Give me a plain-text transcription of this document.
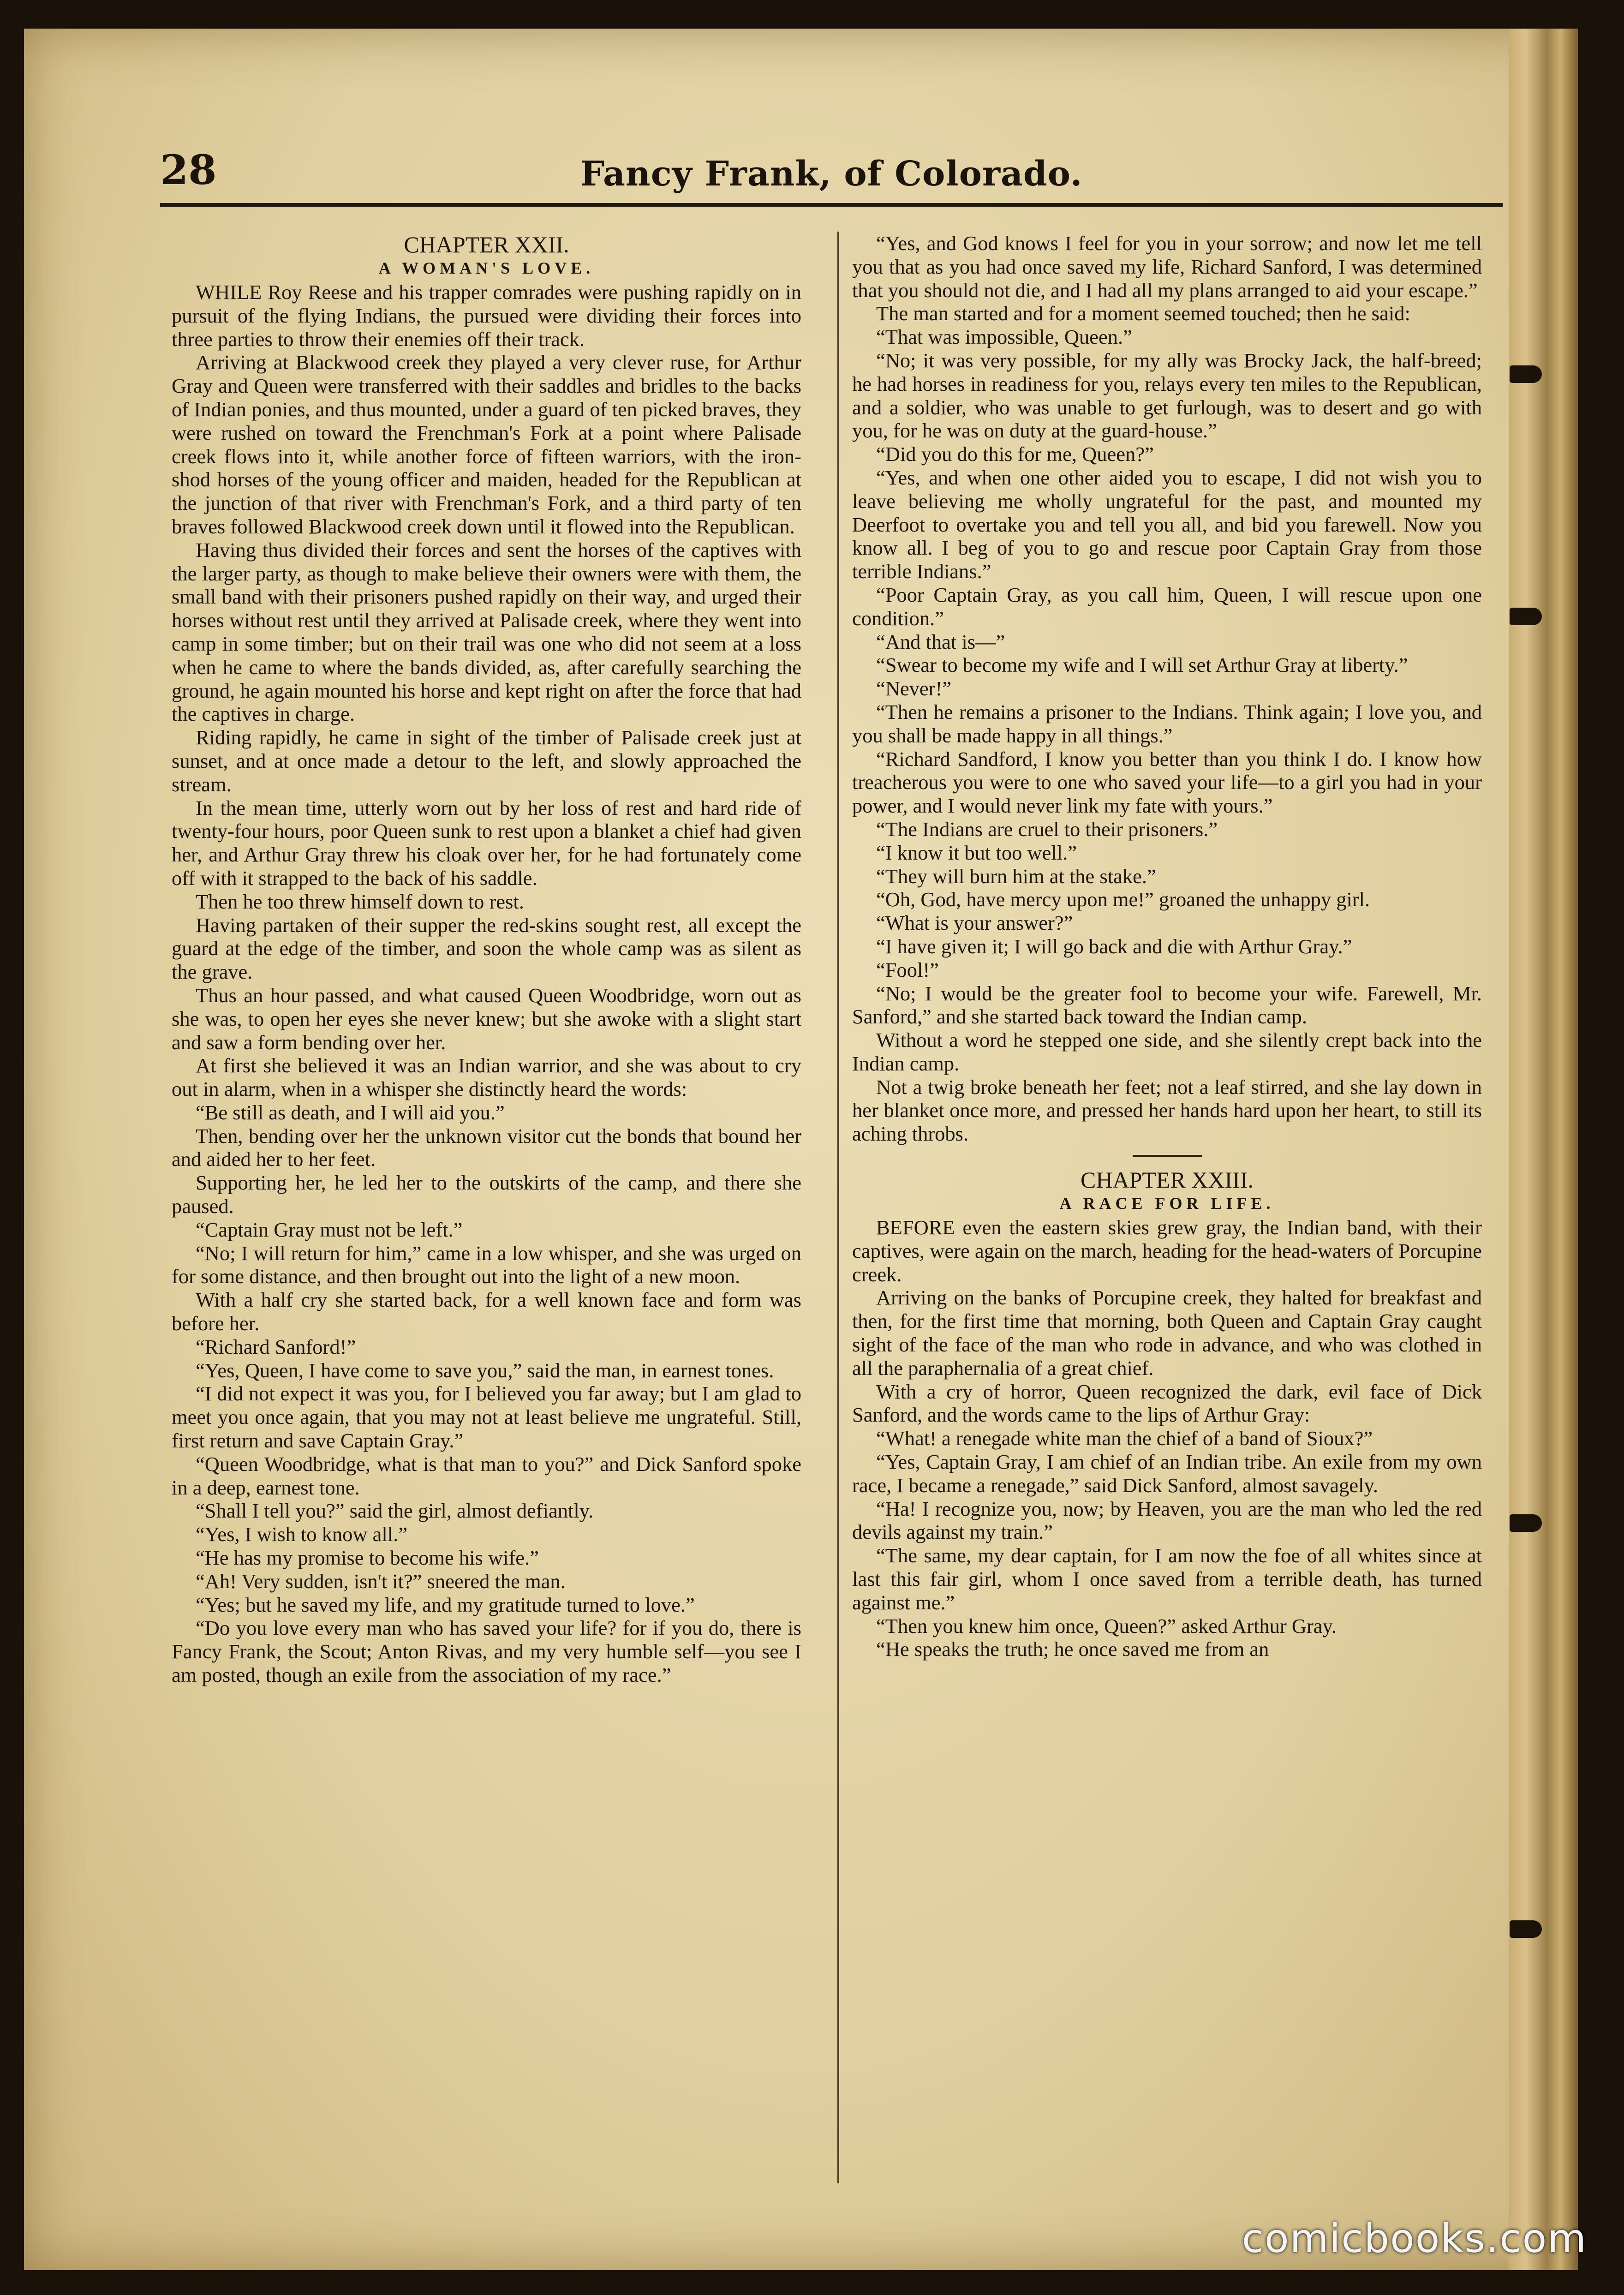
28	Fancy Frank, of Colorado.
CHAPTER XXII.
A WOMAN'S LOVE.

WHILE Roy Reese and his trapper comrades were pushing rapidly on in pursuit of the flying Indians, the pursued were dividing their forces into three parties to throw their enemies off their track.

Arriving at Blackwood creek they played a very clever ruse, for Arthur Gray and Queen were transferred with their saddles and bridles to the backs of Indian ponies, and thus mounted, under a guard of ten picked braves, they were rushed on toward the Frenchman's Fork at a point where Palisade creek flows into it, while another force of fifteen warriors, with the iron-shod horses of the young officer and maiden, headed for the Republican at the junction of that river with Frenchman's Fork, and a third party of ten braves followed Blackwood creek down until it flowed into the Republican.

Having thus divided their forces and sent the horses of the captives with the larger party, as though to make believe their owners were with them, the small band with their prisoners pushed rapidly on their way, and urged their horses without rest until they arrived at Palisade creek, where they went into camp in some timber; but on their trail was one who did not seem at a loss when he came to where the bands divided, as, after carefully searching the ground, he again mounted his horse and kept right on after the force that had the captives in charge.

Riding rapidly, he came in sight of the timber of Palisade creek just at sunset, and at once made a detour to the left, and slowly approached the stream.

In the mean time, utterly worn out by her loss of rest and hard ride of twenty-four hours, poor Queen sunk to rest upon a blanket a chief had given her, and Arthur Gray threw his cloak over her, for he had fortunately come off with it strapped to the back of his saddle.

Then he too threw himself down to rest.

Having partaken of their supper the red-skins sought rest, all except the guard at the edge of the timber, and soon the whole camp was as silent as the grave.

Thus an hour passed, and what caused Queen Woodbridge, worn out as she was, to open her eyes she never knew; but she awoke with a slight start and saw a form bending over her.

At first she believed it was an Indian warrior, and she was about to cry out in alarm, when in a whisper she distinctly heard the words:

“Be still as death, and I will aid you.”

Then, bending over her the unknown visitor cut the bonds that bound her and aided her to her feet.

Supporting her, he led her to the outskirts of the camp, and there she paused.

“Captain Gray must not be left.”

“No; I will return for him,” came in a low whisper, and she was urged on for some distance, and then brought out into the light of a new moon.

With a half cry she started back, for a well known face and form was before her.

“Richard Sanford!”

“Yes, Queen, I have come to save you,” said the man, in earnest tones.

“I did not expect it was you, for I believed you far away; but I am glad to meet you once again, that you may not at least believe me ungrateful. Still, first return and save Captain Gray.”

“Queen Woodbridge, what is that man to you?” and Dick Sanford spoke in a deep, earnest tone.

“Shall I tell you?” said the girl, almost defiantly.

“Yes, I wish to know all.”

“He has my promise to become his wife.”

“Ah! Very sudden, isn't it?” sneered the man.

“Yes; but he saved my life, and my gratitude turned to love.”

“Do you love every man who has saved your life? for if you do, there is Fancy Frank, the Scout; Anton Rivas, and my very humble self—you see I am posted, though an exile from the association of my race.”

“Yes, and God knows I feel for you in your sorrow; and now let me tell you that as you had once saved my life, Richard Sanford, I was determined that you should not die, and I had all my plans arranged to aid your escape.”

The man started and for a moment seemed touched; then he said:

“That was impossible, Queen.”

“No; it was very possible, for my ally was Brocky Jack, the half-breed; he had horses in readiness for you, relays every ten miles to the Republican, and a soldier, who was unable to get furlough, was to desert and go with you, for he was on duty at the guard-house.”

“Did you do this for me, Queen?”

“Yes, and when one other aided you to escape, I did not wish you to leave believing me wholly ungrateful for the past, and mounted my Deerfoot to overtake you and tell you all, and bid you farewell. Now you know all. I beg of you to go and rescue poor Captain Gray from those terrible Indians.”

“Poor Captain Gray, as you call him, Queen, I will rescue upon one condition.”

“And that is—”

“Swear to become my wife and I will set Arthur Gray at liberty.”

“Never!”

“Then he remains a prisoner to the Indians. Think again; I love you, and you shall be made happy in all things.”

“Richard Sandford, I know you better than you think I do. I know how treacherous you were to one who saved your life—to a girl you had in your power, and I would never link my fate with yours.”

“The Indians are cruel to their prisoners.”

“I know it but too well.”

“They will burn him at the stake.”

“Oh, God, have mercy upon me!” groaned the unhappy girl.

“What is your answer?”

“I have given it; I will go back and die with Arthur Gray.”

“Fool!”

“No; I would be the greater fool to become your wife. Farewell, Mr. Sanford,” and she started back toward the Indian camp.

Without a word he stepped one side, and she silently crept back into the Indian camp.

Not a twig broke beneath her feet; not a leaf stirred, and she lay down in her blanket once more, and pressed her hands hard upon her heart, to still its aching throbs.

CHAPTER XXIII.
A RACE FOR LIFE.

BEFORE even the eastern skies grew gray, the Indian band, with their captives, were again on the march, heading for the head-waters of Porcupine creek.

Arriving on the banks of Porcupine creek, they halted for breakfast and then, for the first time that morning, both Queen and Captain Gray caught sight of the face of the man who rode in advance, and who was clothed in all the paraphernalia of a great chief.

With a cry of horror, Queen recognized the dark, evil face of Dick Sanford, and the words came to the lips of Arthur Gray:

“What! a renegade white man the chief of a band of Sioux?”

“Yes, Captain Gray, I am chief of an Indian tribe. An exile from my own race, I became a renegade,” said Dick Sanford, almost savagely.

“Ha! I recognize you, now; by Heaven, you are the man who led the red devils against my train.”

“The same, my dear captain, for I am now the foe of all whites since at last this fair girl, whom I once saved from a terrible death, has turned against me.”

“Then you knew him once, Queen?” asked Arthur Gray.

“He speaks the truth; he once saved me from an

comicbooks.com
